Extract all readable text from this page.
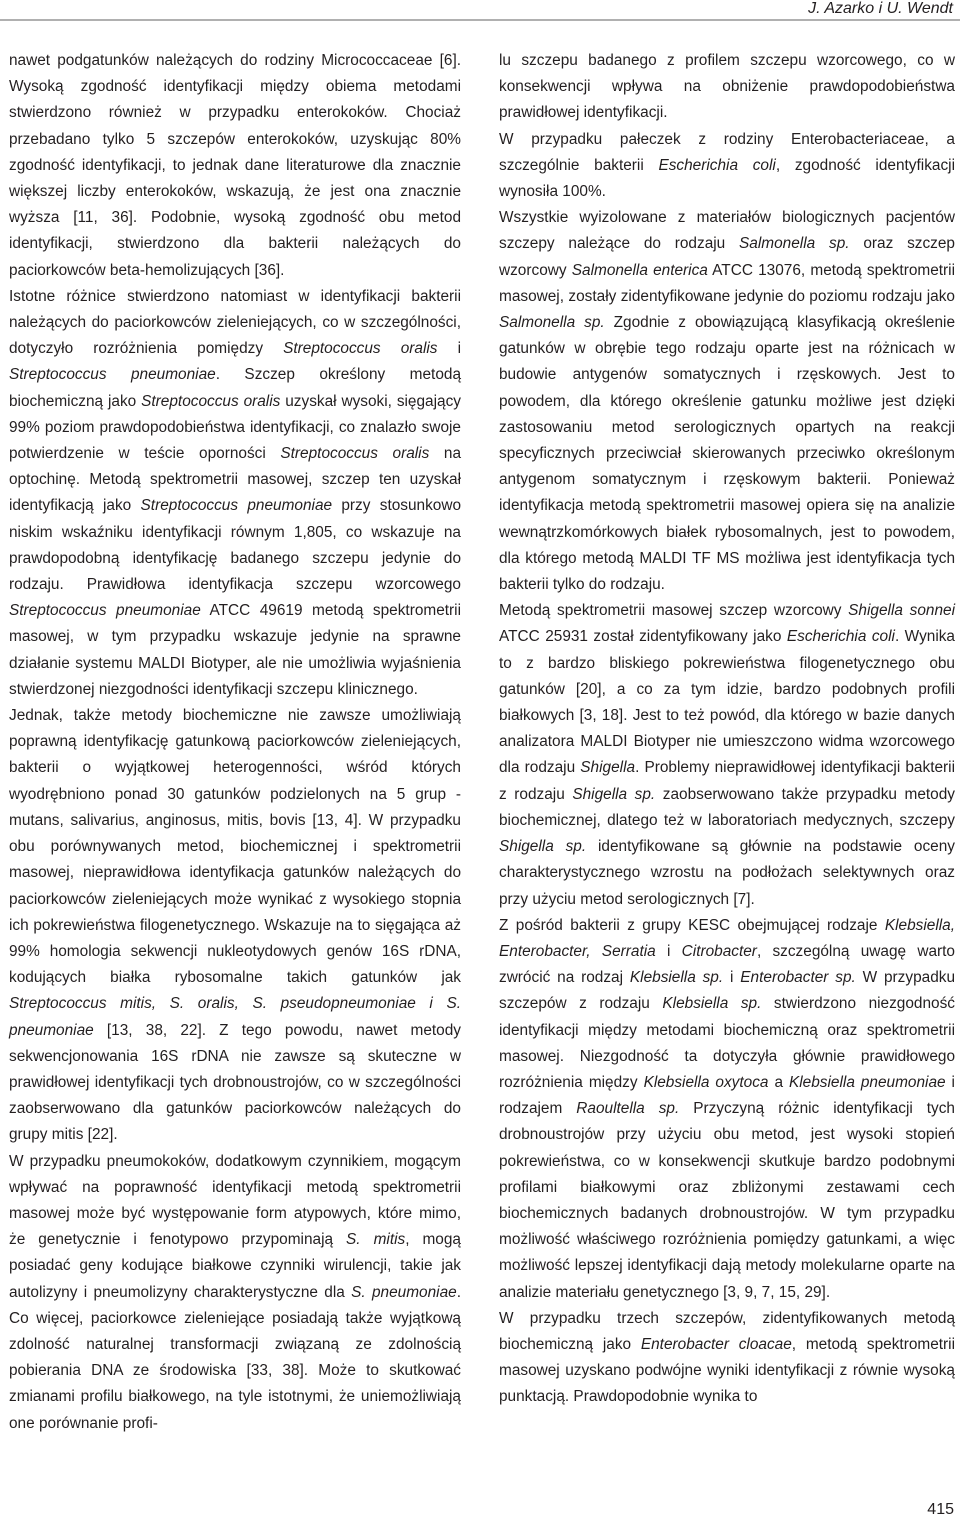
J. Azarko i U. Wendt

nawet podgatunków należących do rodziny Micrococcaceae [6]. Wysoką zgodność identyfikacji między obiema metodami stwierdzono również w przypadku enterokoków. Chociaż przebadano tylko 5 szczepów enterokoków, uzyskując 80% zgodność identyfikacji, to jednak dane literaturowe dla znacznie większej liczby enterokoków, wskazują, że jest ona znacznie wyższa [11, 36]. Podobnie, wysoką zgodność obu metod identyfikacji, stwierdzono dla bakterii należących do paciorkowców beta-hemolizujących [36].

Istotne różnice stwierdzono natomiast w identyfikacji bakterii należących do paciorkowców zieleniejących, co w szczególności, dotyczyło rozróżnienia pomiędzy Streptococcus oralis i Streptococcus pneumoniae. Szczep określony metodą biochemiczną jako Streptococcus oralis uzyskał wysoki, sięgający 99% poziom prawdopodobieństwa identyfikacji, co znalazło swoje potwierdzenie w teście oporności Streptococcus oralis na optochinę. Metodą spektrometrii masowej, szczep ten uzyskał identyfikacją jako Streptococcus pneumoniae przy stosunkowo niskim wskaźniku identyfikacji równym 1,805, co wskazuje na prawdopodobną identyfikację badanego szczepu jedynie do rodzaju. Prawidłowa identyfikacja szczepu wzorcowego Streptococcus pneumoniae ATCC 49619 metodą spektrometrii masowej, w tym przypadku wskazuje jedynie na sprawne działanie systemu MALDI Biotyper, ale nie umożliwia wyjaśnienia stwierdzonej niezgodności identyfikacji szczepu klinicznego.

Jednak, także metody biochemiczne nie zawsze umożliwiają poprawną identyfikację gatunkową paciorkowców zieleniejących, bakterii o wyjątkowej heterogenności, wśród których wyodrębniono ponad 30 gatunków podzielonych na 5 grup - mutans, salivarius, anginosus, mitis, bovis [13, 4]. W przypadku obu porównywanych metod, biochemicznej i spektrometrii masowej, nieprawidłowa identyfikacja gatunków należących do paciorkowców zieleniejących może wynikać z wysokiego stopnia ich pokrewieństwa filogenetycznego. Wskazuje na to sięgająca aż 99% homologia sekwencji nukleotydowych genów 16S rDNA, kodujących białka rybosomalne takich gatunków jak Streptococcus mitis, S. oralis, S. pseudopneumoniae i S. pneumoniae [13, 38, 22]. Z tego powodu, nawet metody sekwencjonowania 16S rDNA nie zawsze są skuteczne w prawidłowej identyfikacji tych drobnoustrojów, co w szczególności zaobserwowano dla gatunków paciorkowców należących do grupy mitis [22].

W przypadku pneumokoków, dodatkowym czynnikiem, mogącym wpływać na poprawność identyfikacji metodą spektrometrii masowej może być występowanie form atypowych, które mimo, że genetycznie i fenotypowo przypominają S. mitis, mogą posiadać geny kodujące białkowe czynniki wirulencji, takie jak autolizyny i pneumolizyny charakterystyczne dla S. pneumoniae. Co więcej, paciorkowce zieleniejące posiadają także wyjątkową zdolność naturalnej transformacji związaną ze zdolnością pobierania DNA ze środowiska [33, 38]. Może to skutkować zmianami profilu białkowego, na tyle istotnymi, że uniemożliwiają one porównanie profi-

lu szczepu badanego z profilem szczepu wzorcowego, co w konsekwencji wpływa na obniżenie prawdopodobieństwa prawidłowej identyfikacji.

W przypadku pałeczek z rodziny Enterobacteriaceae, a szczególnie bakterii Escherichia coli, zgodność identyfikacji wynosiła 100%.

Wszystkie wyizolowane z materiałów biologicznych pacjentów szczepy należące do rodzaju Salmonella sp. oraz szczep wzorcowy Salmonella enterica ATCC 13076, metodą spektrometrii masowej, zostały zidentyfikowane jedynie do poziomu rodzaju jako Salmonella sp. Zgodnie z obowiązującą klasyfikacją określenie gatunków w obrębie tego rodzaju oparte jest na różnicach w budowie antygenów somatycznych i rzęskowych. Jest to powodem, dla którego określenie gatunku możliwe jest dzięki zastosowaniu metod serologicznych opartych na reakcji specyficznych przeciwciał skierowanych przeciwko określonym antygenom somatycznym i rzęskowym bakterii. Ponieważ identyfikacja metodą spektrometrii masowej opiera się na analizie wewnątrzkomórkowych białek rybosomalnych, jest to powodem, dla którego metodą MALDI TF MS możliwa jest identyfikacja tych bakterii tylko do rodzaju.

Metodą spektrometrii masowej szczep wzorcowy Shigella sonnei ATCC 25931 został zidentyfikowany jako Escherichia coli. Wynika to z bardzo bliskiego pokrewieństwa filogenetycznego obu gatunków [20], a co za tym idzie, bardzo podobnych profili białkowych [3, 18]. Jest to też powód, dla którego w bazie danych analizatora MALDI Biotyper nie umieszczono widma wzorcowego dla rodzaju Shigella. Problemy nieprawidłowej identyfikacji bakterii z rodzaju Shigella sp. zaobserwowano także przypadku metody biochemicznej, dlatego też w laboratoriach medycznych, szczepy Shigella sp. identyfikowane są głównie na podstawie oceny charakterystycznego wzrostu na podłożach selektywnych oraz przy użyciu metod serologicznych [7].

Z pośród bakterii z grupy KESC obejmującej rodzaje Klebsiella, Enterobacter, Serratia i Citrobacter, szczególną uwagę warto zwrócić na rodzaj Klebsiella sp. i Enterobacter sp. W przypadku szczepów z rodzaju Klebsiella sp. stwierdzono niezgodność identyfikacji między metodami biochemiczną oraz spektrometrii masowej. Niezgodność ta dotyczyła głównie prawidłowego rozróżnienia między Klebsiella oxytoca a Klebsiella pneumoniae i rodzajem Raoultella sp. Przyczyną różnic identyfikacji tych drobnoustrojów przy użyciu obu metod, jest wysoki stopień pokrewieństwa, co w konsekwencji skutkuje bardzo podobnymi profilami białkowymi oraz zbliżonymi zestawami cech biochemicznych badanych drobnoustrojów. W tym przypadku możliwość właściwego rozróżnienia pomiędzy gatunkami, a więc możliwość lepszej identyfikacji dają metody molekularne oparte na analizie materiału genetycznego [3, 9, 7, 15, 29].

W przypadku trzech szczepów, zidentyfikowanych metodą biochemiczną jako Enterobacter cloacae, metodą spektrometrii masowej uzyskano podwójne wyniki identyfikacji z równie wysoką punktacją. Prawdopodobnie wynika to

415
